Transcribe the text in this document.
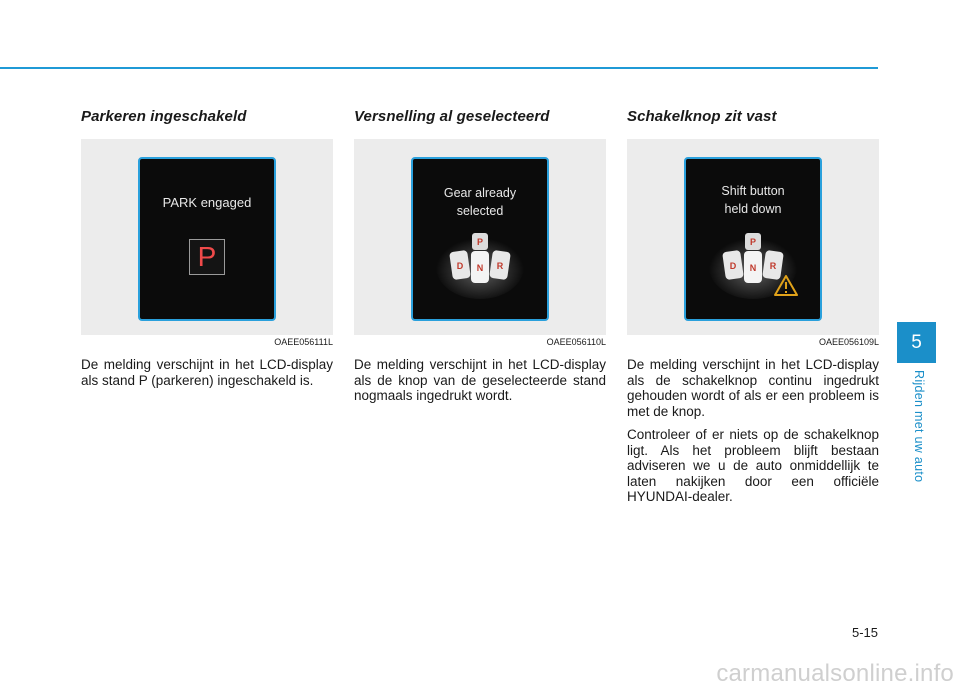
Parkeren ingeschakeld
PARK engaged
P
OAEE056111L

De melding verschijnt in het LCD-display als stand P (parkeren) ingeschakeld is.

Versnelling al geselecteerd
Gear already
selected
P
D N R
OAEE056110L

De melding verschijnt in het LCD-display als de knop van de geselecteerde stand nogmaals ingedrukt wordt.

Schakelknop zit vast
Shift button
held down
P
D N R
OAEE056109L

De melding verschijnt in het LCD-display als de schakelknop continu ingedrukt gehouden wordt of als er een probleem is met de knop.

Controleer of er niets op de schakelknop ligt. Als het probleem blijft bestaan adviseren we u de auto onmiddellijk te laten nakijken door een officiële HYUNDAI-dealer.

5
Rijden met uw auto
5-15
carmanualsonline.info
